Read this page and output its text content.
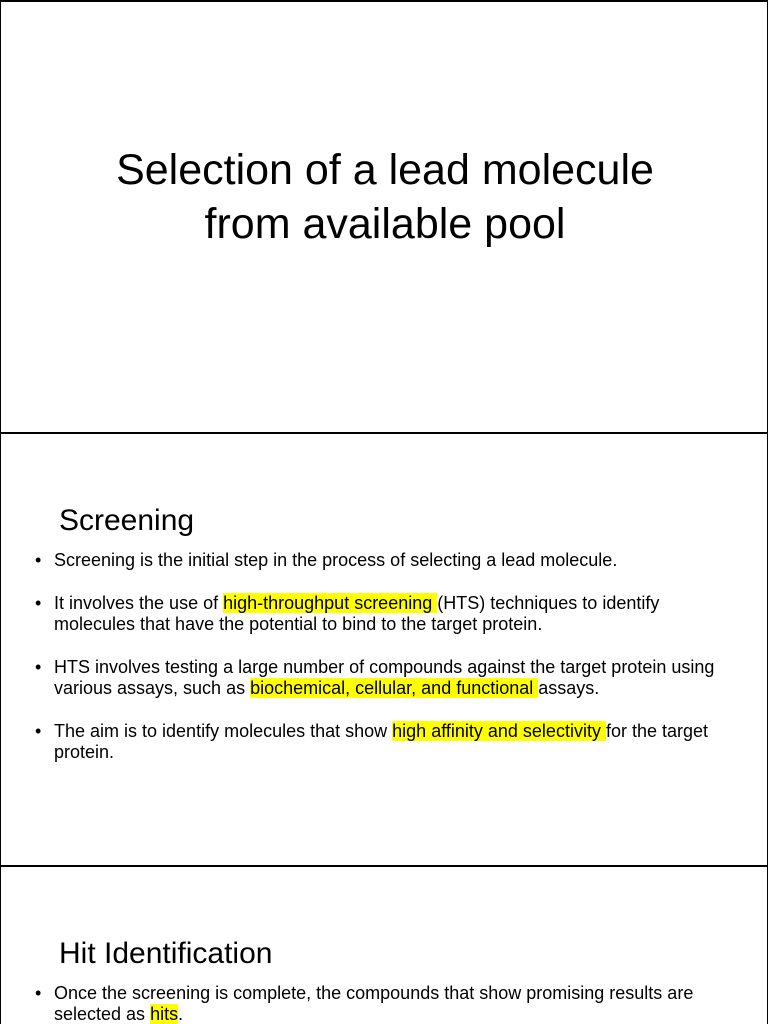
Selection of a lead molecule
from available pool
Screening
• Screening is the initial step in the process of selecting a lead molecule.
• It involves the use of high-throughput screening (HTS) techniques to identify molecules that have the potential to bind to the target protein.
• HTS involves testing a large number of compounds against the target protein using various assays, such as biochemical, cellular, and functional assays.
• The aim is to identify molecules that show high affinity and selectivity for the target protein.
Hit Identification
• Once the screening is complete, the compounds that show promising results are selected as hits.
